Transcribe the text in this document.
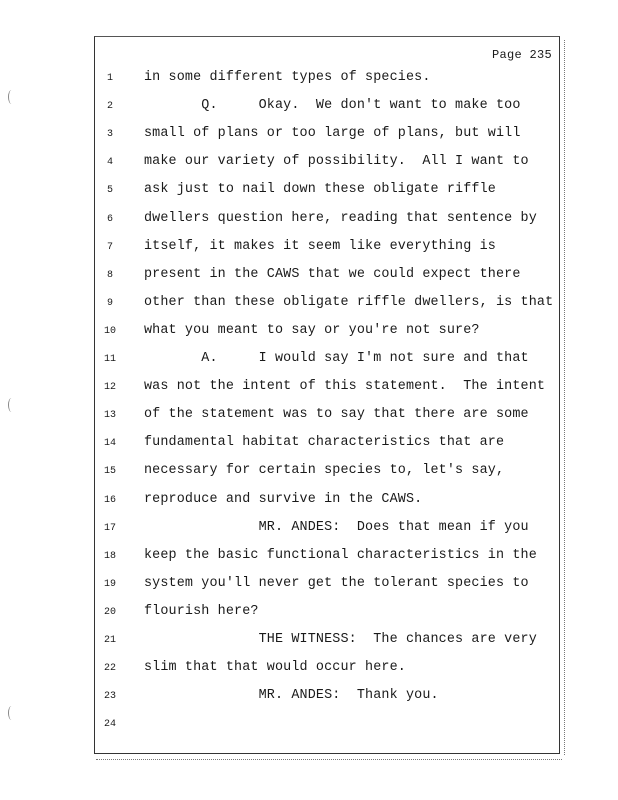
Page 235
1	in some different types of species.
2	Q.     Okay.  We don't want to make too
3	small of plans or too large of plans, but will
4	make our variety of possibility.  All I want to
5	ask just to nail down these obligate riffle
6	dwellers question here, reading that sentence by
7	itself, it makes it seem like everything is
8	present in the CAWS that we could expect there
9	other than these obligate riffle dwellers, is that
10	what you meant to say or you're not sure?
11	A.     I would say I'm not sure and that
12	was not the intent of this statement.  The intent
13	of the statement was to say that there are some
14	fundamental habitat characteristics that are
15	necessary for certain species to, let's say,
16	reproduce and survive in the CAWS.
17	MR. ANDES:  Does that mean if you
18	keep the basic functional characteristics in the
19	system you'll never get the tolerant species to
20	flourish here?
21	THE WITNESS:  The chances are very
22	slim that that would occur here.
23	MR. ANDES:  Thank you.
24
